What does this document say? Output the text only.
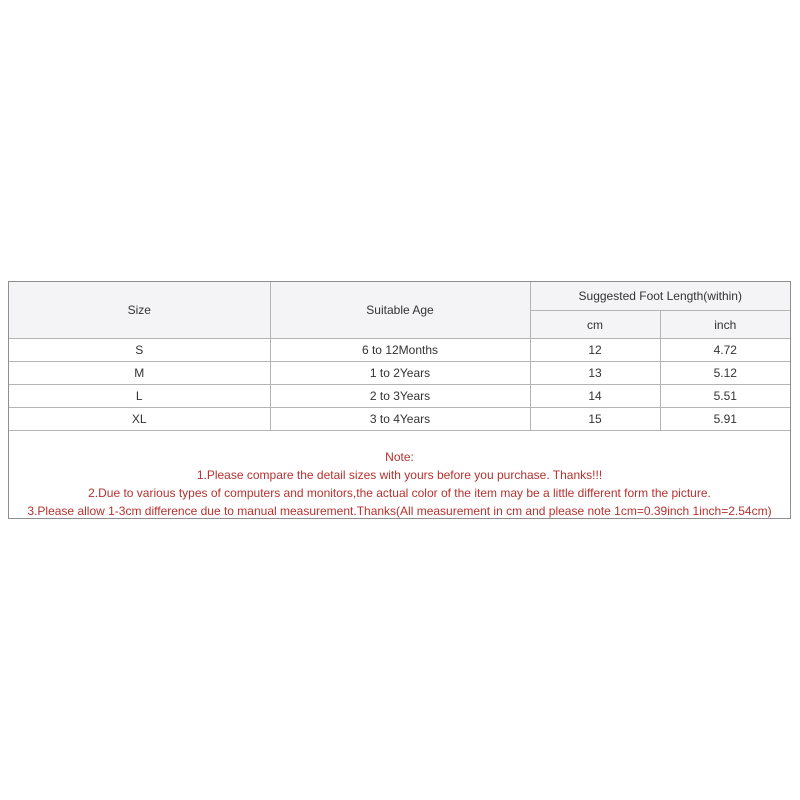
Size	Suitable Age	Suggested Foot Length(within)	
		cm	inch
S	6 to 12Months	12	4.72
M	1 to 2Years	13	5.12
L	2 to 3Years	14	5.51
XL	3 to 4Years	15	5.91
Note:
1.Please compare the detail sizes with yours before you purchase. Thanks!!!
2.Due to various types of computers and monitors,the actual color of the item may be a little different form the picture.
3.Please allow 1-3cm difference due to manual measurement.Thanks(All measurement in cm and please note 1cm=0.39inch 1inch=2.54cm)
